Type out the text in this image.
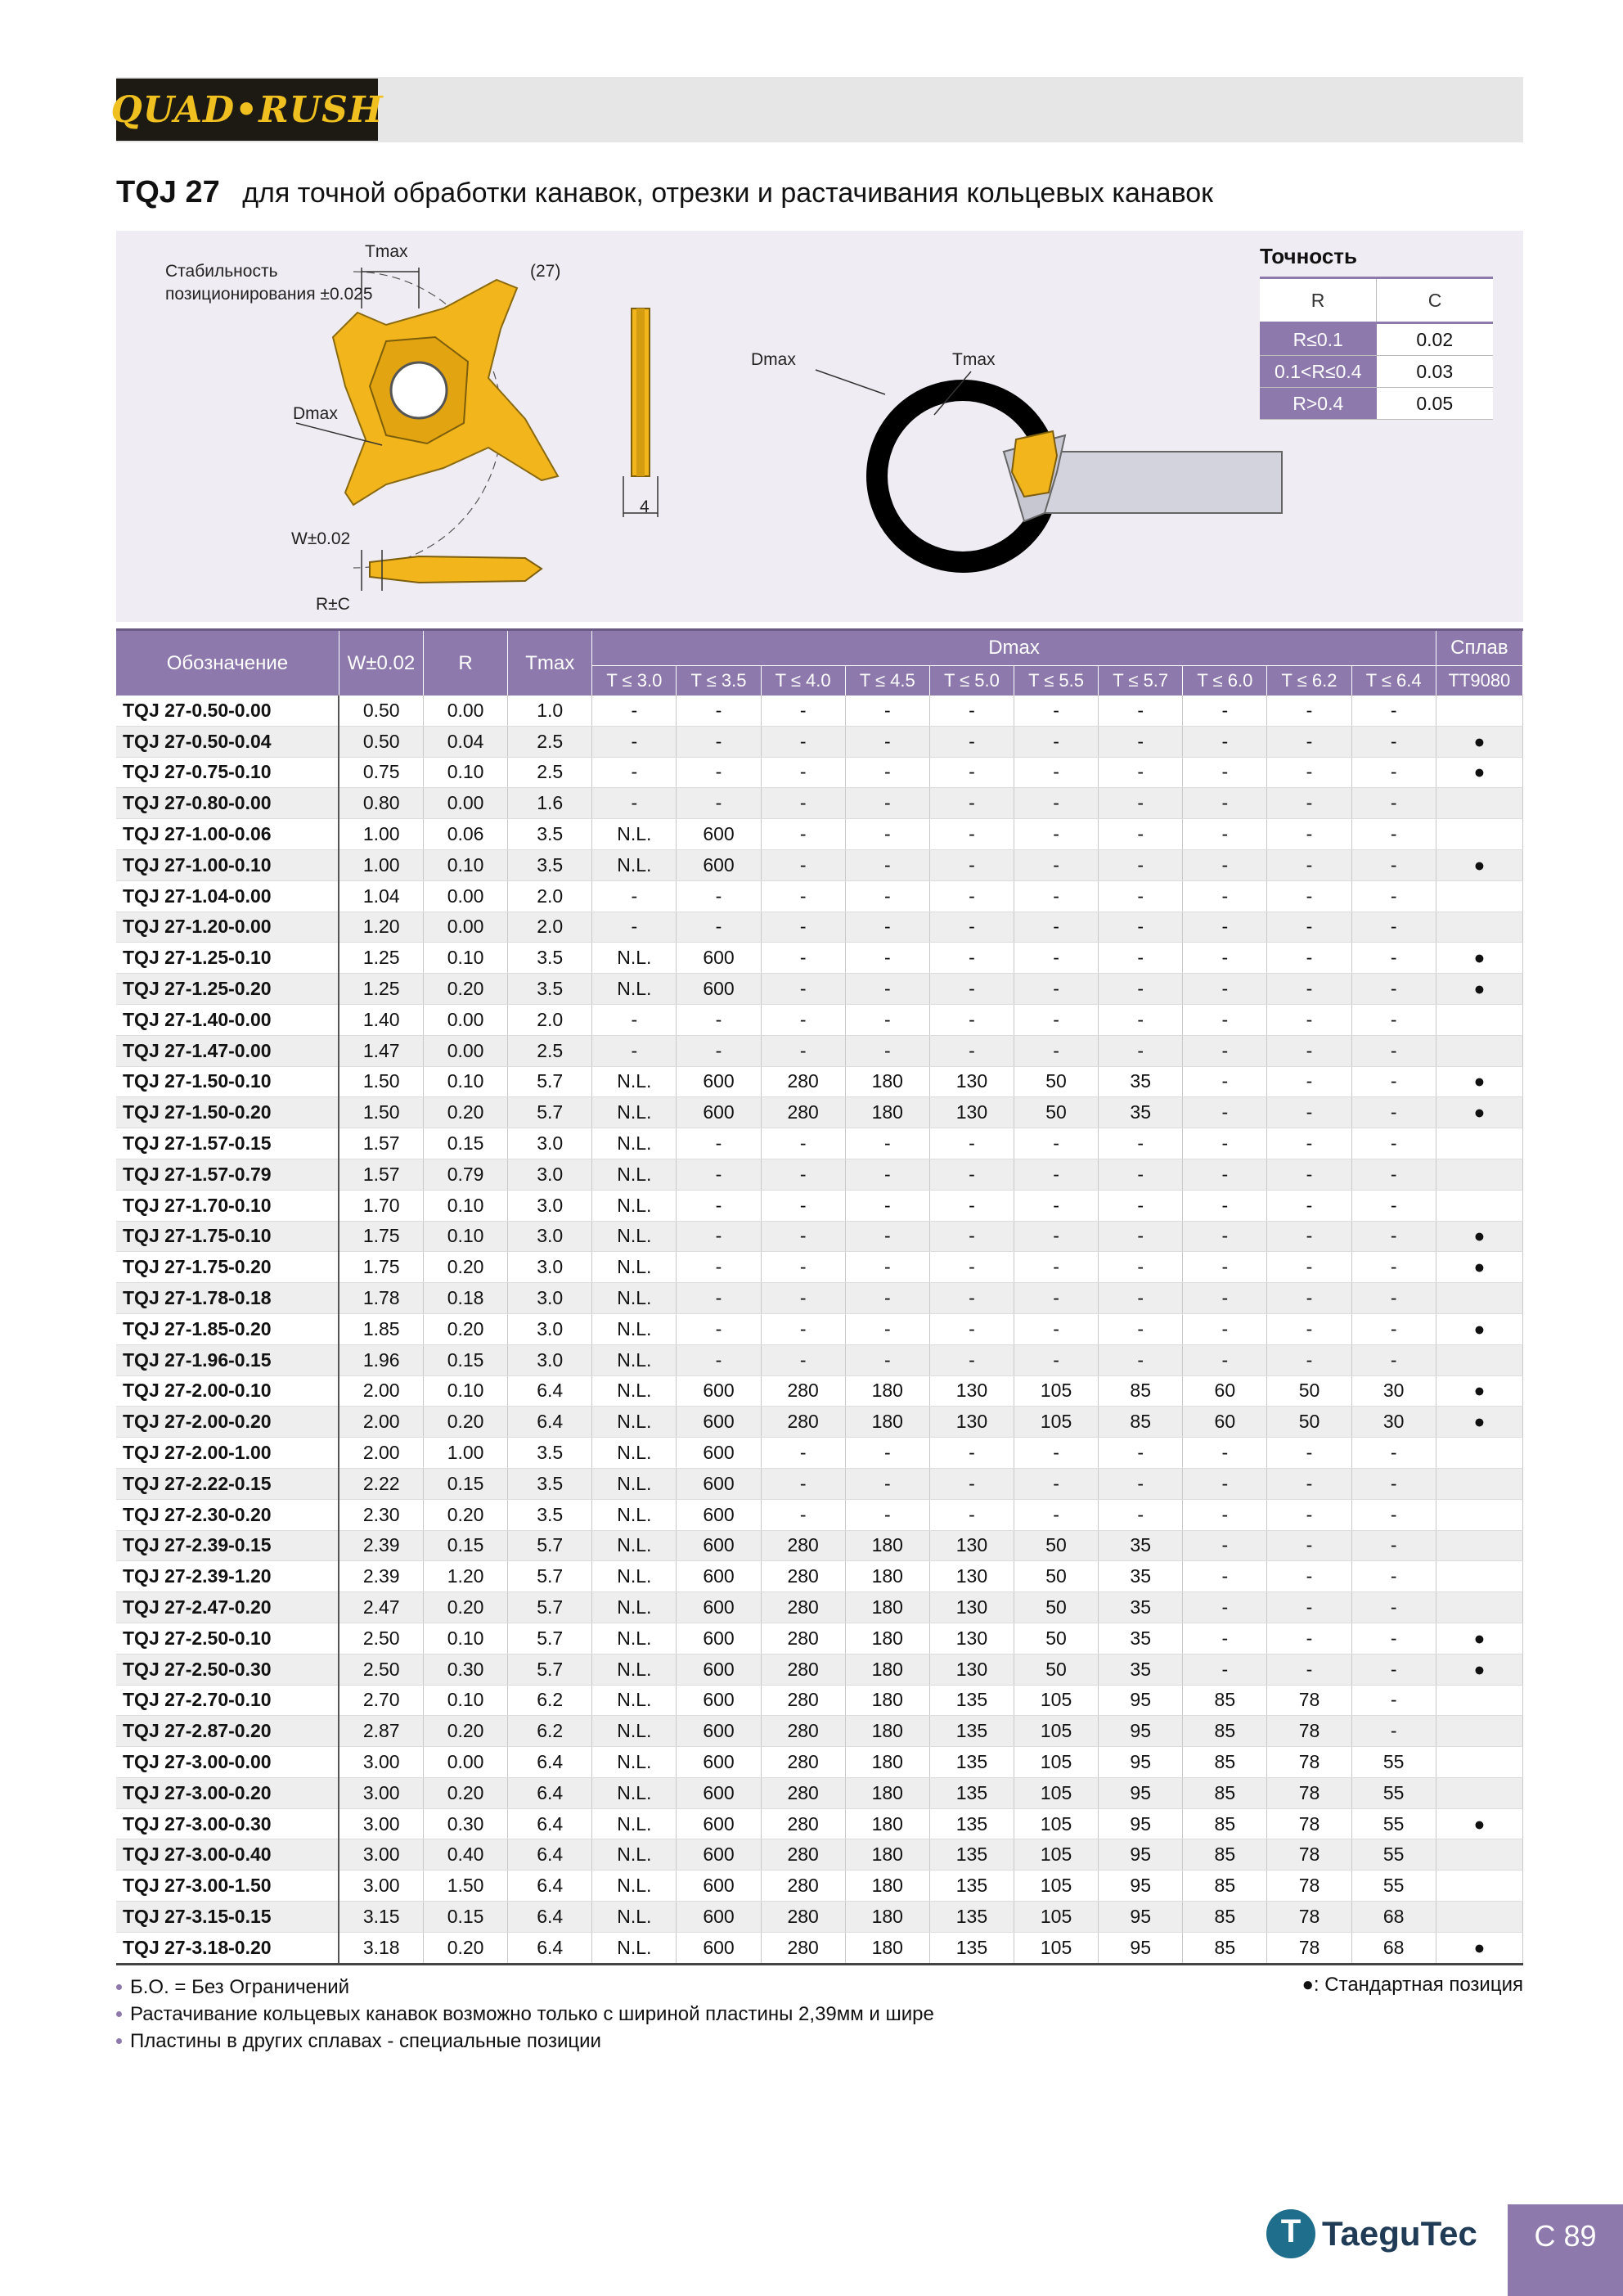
QUAD•RUSH
TQJ 27 для точной обработки канавок, отрезки и растачивания кольцевых канавок
Стабильность
позиционирования ±0.025
Tmax
(27)
Dmax
W±0.02
R±C
4
Dmax	Tmax
Точность
R	C
R≤0.1	0.02
0.1<R≤0.4	0.03
R>0.4	0.05
Обозначение	W±0.02	R	Tmax	Dmax										Сплав
				T ≤ 3.0	T ≤ 3.5	T ≤ 4.0	T ≤ 4.5	T ≤ 5.0	T ≤ 5.5	T ≤ 5.7	T ≤ 6.0	T ≤ 6.2	T ≤ 6.4	TT9080
TQJ 27-0.50-0.00	0.50	0.00	1.0	-	-	-	-	-	-	-	-	-	-	
TQJ 27-0.50-0.04	0.50	0.04	2.5	-	-	-	-	-	-	-	-	-	-	●
TQJ 27-0.75-0.10	0.75	0.10	2.5	-	-	-	-	-	-	-	-	-	-	●
TQJ 27-0.80-0.00	0.80	0.00	1.6	-	-	-	-	-	-	-	-	-	-	
TQJ 27-1.00-0.06	1.00	0.06	3.5	N.L.	600	-	-	-	-	-	-	-	-	
TQJ 27-1.00-0.10	1.00	0.10	3.5	N.L.	600	-	-	-	-	-	-	-	-	●
TQJ 27-1.04-0.00	1.04	0.00	2.0	-	-	-	-	-	-	-	-	-	-	
TQJ 27-1.20-0.00	1.20	0.00	2.0	-	-	-	-	-	-	-	-	-	-	
TQJ 27-1.25-0.10	1.25	0.10	3.5	N.L.	600	-	-	-	-	-	-	-	-	●
TQJ 27-1.25-0.20	1.25	0.20	3.5	N.L.	600	-	-	-	-	-	-	-	-	●
TQJ 27-1.40-0.00	1.40	0.00	2.0	-	-	-	-	-	-	-	-	-	-	
TQJ 27-1.47-0.00	1.47	0.00	2.5	-	-	-	-	-	-	-	-	-	-	
TQJ 27-1.50-0.10	1.50	0.10	5.7	N.L.	600	280	180	130	50	35	-	-	-	●
TQJ 27-1.50-0.20	1.50	0.20	5.7	N.L.	600	280	180	130	50	35	-	-	-	●
TQJ 27-1.57-0.15	1.57	0.15	3.0	N.L.	-	-	-	-	-	-	-	-	-	
TQJ 27-1.57-0.79	1.57	0.79	3.0	N.L.	-	-	-	-	-	-	-	-	-	
TQJ 27-1.70-0.10	1.70	0.10	3.0	N.L.	-	-	-	-	-	-	-	-	-	
TQJ 27-1.75-0.10	1.75	0.10	3.0	N.L.	-	-	-	-	-	-	-	-	-	●
TQJ 27-1.75-0.20	1.75	0.20	3.0	N.L.	-	-	-	-	-	-	-	-	-	●
TQJ 27-1.78-0.18	1.78	0.18	3.0	N.L.	-	-	-	-	-	-	-	-	-	
TQJ 27-1.85-0.20	1.85	0.20	3.0	N.L.	-	-	-	-	-	-	-	-	-	●
TQJ 27-1.96-0.15	1.96	0.15	3.0	N.L.	-	-	-	-	-	-	-	-	-	
TQJ 27-2.00-0.10	2.00	0.10	6.4	N.L.	600	280	180	130	105	85	60	50	30	●
TQJ 27-2.00-0.20	2.00	0.20	6.4	N.L.	600	280	180	130	105	85	60	50	30	●
TQJ 27-2.00-1.00	2.00	1.00	3.5	N.L.	600	-	-	-	-	-	-	-	-	
TQJ 27-2.22-0.15	2.22	0.15	3.5	N.L.	600	-	-	-	-	-	-	-	-	
TQJ 27-2.30-0.20	2.30	0.20	3.5	N.L.	600	-	-	-	-	-	-	-	-	
TQJ 27-2.39-0.15	2.39	0.15	5.7	N.L.	600	280	180	130	50	35	-	-	-	
TQJ 27-2.39-1.20	2.39	1.20	5.7	N.L.	600	280	180	130	50	35	-	-	-	
TQJ 27-2.47-0.20	2.47	0.20	5.7	N.L.	600	280	180	130	50	35	-	-	-	
TQJ 27-2.50-0.10	2.50	0.10	5.7	N.L.	600	280	180	130	50	35	-	-	-	●
TQJ 27-2.50-0.30	2.50	0.30	5.7	N.L.	600	280	180	130	50	35	-	-	-	●
TQJ 27-2.70-0.10	2.70	0.10	6.2	N.L.	600	280	180	135	105	95	85	78	-	
TQJ 27-2.87-0.20	2.87	0.20	6.2	N.L.	600	280	180	135	105	95	85	78	-	
TQJ 27-3.00-0.00	3.00	0.00	6.4	N.L.	600	280	180	135	105	95	85	78	55	
TQJ 27-3.00-0.20	3.00	0.20	6.4	N.L.	600	280	180	135	105	95	85	78	55	
TQJ 27-3.00-0.30	3.00	0.30	6.4	N.L.	600	280	180	135	105	95	85	78	55	●
TQJ 27-3.00-0.40	3.00	0.40	6.4	N.L.	600	280	180	135	105	95	85	78	55	
TQJ 27-3.00-1.50	3.00	1.50	6.4	N.L.	600	280	180	135	105	95	85	78	55	
TQJ 27-3.15-0.15	3.15	0.15	6.4	N.L.	600	280	180	135	105	95	85	78	68	
TQJ 27-3.18-0.20	3.18	0.20	6.4	N.L.	600	280	180	135	105	95	85	78	68	●
Б.О. = Без Ограничений
Растачивание кольцевых канавок возможно только с шириной пластины 2,39мм и шире
Пластины в других сплавах - специальные позиции
●: Стандартная позиция
T
TaeguTec C 89
